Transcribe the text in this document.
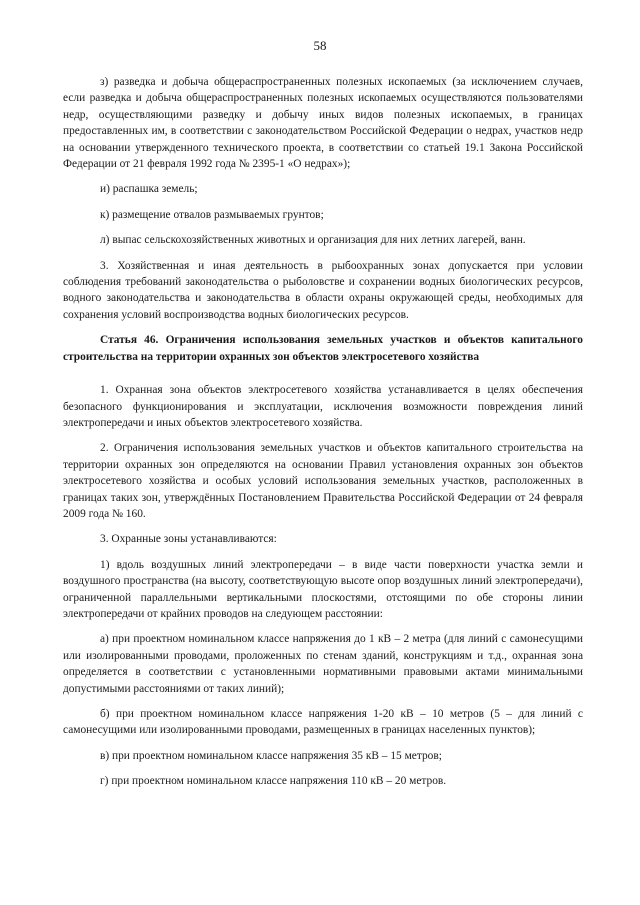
58

з) разведка и добыча общераспространенных полезных ископаемых (за исключением случаев, если разведка и добыча общераспространенных полезных ископаемых осуществляются пользователями недр, осуществляющими разведку и добычу иных видов полезных ископаемых, в границах предоставленных им, в соответствии с законодательством Российской Федерации о недрах, участков недр на основании утвержденного технического проекта, в соответствии со статьей 19.1 Закона Российской Федерации от 21 февраля 1992 года № 2395-1 «О недрах»);

и) распашка земель;

к) размещение отвалов размываемых грунтов;

л) выпас сельскохозяйственных животных и организация для них летних лагерей, ванн.

3. Хозяйственная и иная деятельность в рыбоохранных зонах допускается при условии соблюдения требований законодательства о рыболовстве и сохранении водных биологических ресурсов, водного законодательства и законодательства в области охраны окружающей среды, необходимых для сохранения условий воспроизводства водных биологических ресурсов.

Статья 46. Ограничения использования земельных участков и объектов капитального строительства на территории охранных зон объектов электросетевого хозяйства

1. Охранная зона объектов электросетевого хозяйства устанавливается в целях обеспечения безопасного функционирования и эксплуатации, исключения возможности повреждения линий электропередачи и иных объектов электросетевого хозяйства.

2. Ограничения использования земельных участков и объектов капитального строительства на территории охранных зон определяются на основании Правил установления охранных зон объектов электросетевого хозяйства и особых условий использования земельных участков, расположенных в границах таких зон, утверждённых Постановлением Правительства Российской Федерации от 24 февраля 2009 года № 160.

3. Охранные зоны устанавливаются:

1) вдоль воздушных линий электропередачи – в виде части поверхности участка земли и воздушного пространства (на высоту, соответствующую высоте опор воздушных линий электропередачи), ограниченной параллельными вертикальными плоскостями, отстоящими по обе стороны линии электропередачи от крайних проводов на следующем расстоянии:

а) при проектном номинальном классе напряжения до 1 кВ – 2 метра (для линий с самонесущими или изолированными проводами, проложенных по стенам зданий, конструкциям и т.д., охранная зона определяется в соответствии с установленными нормативными правовыми актами минимальными допустимыми расстояниями от таких линий);

б) при проектном номинальном классе напряжения 1-20 кВ – 10 метров (5 – для линий с самонесущими или изолированными проводами, размещенных в границах населенных пунктов);

в) при проектном номинальном классе напряжения 35 кВ – 15 метров;

г) при проектном номинальном классе напряжения 110 кВ – 20 метров.
